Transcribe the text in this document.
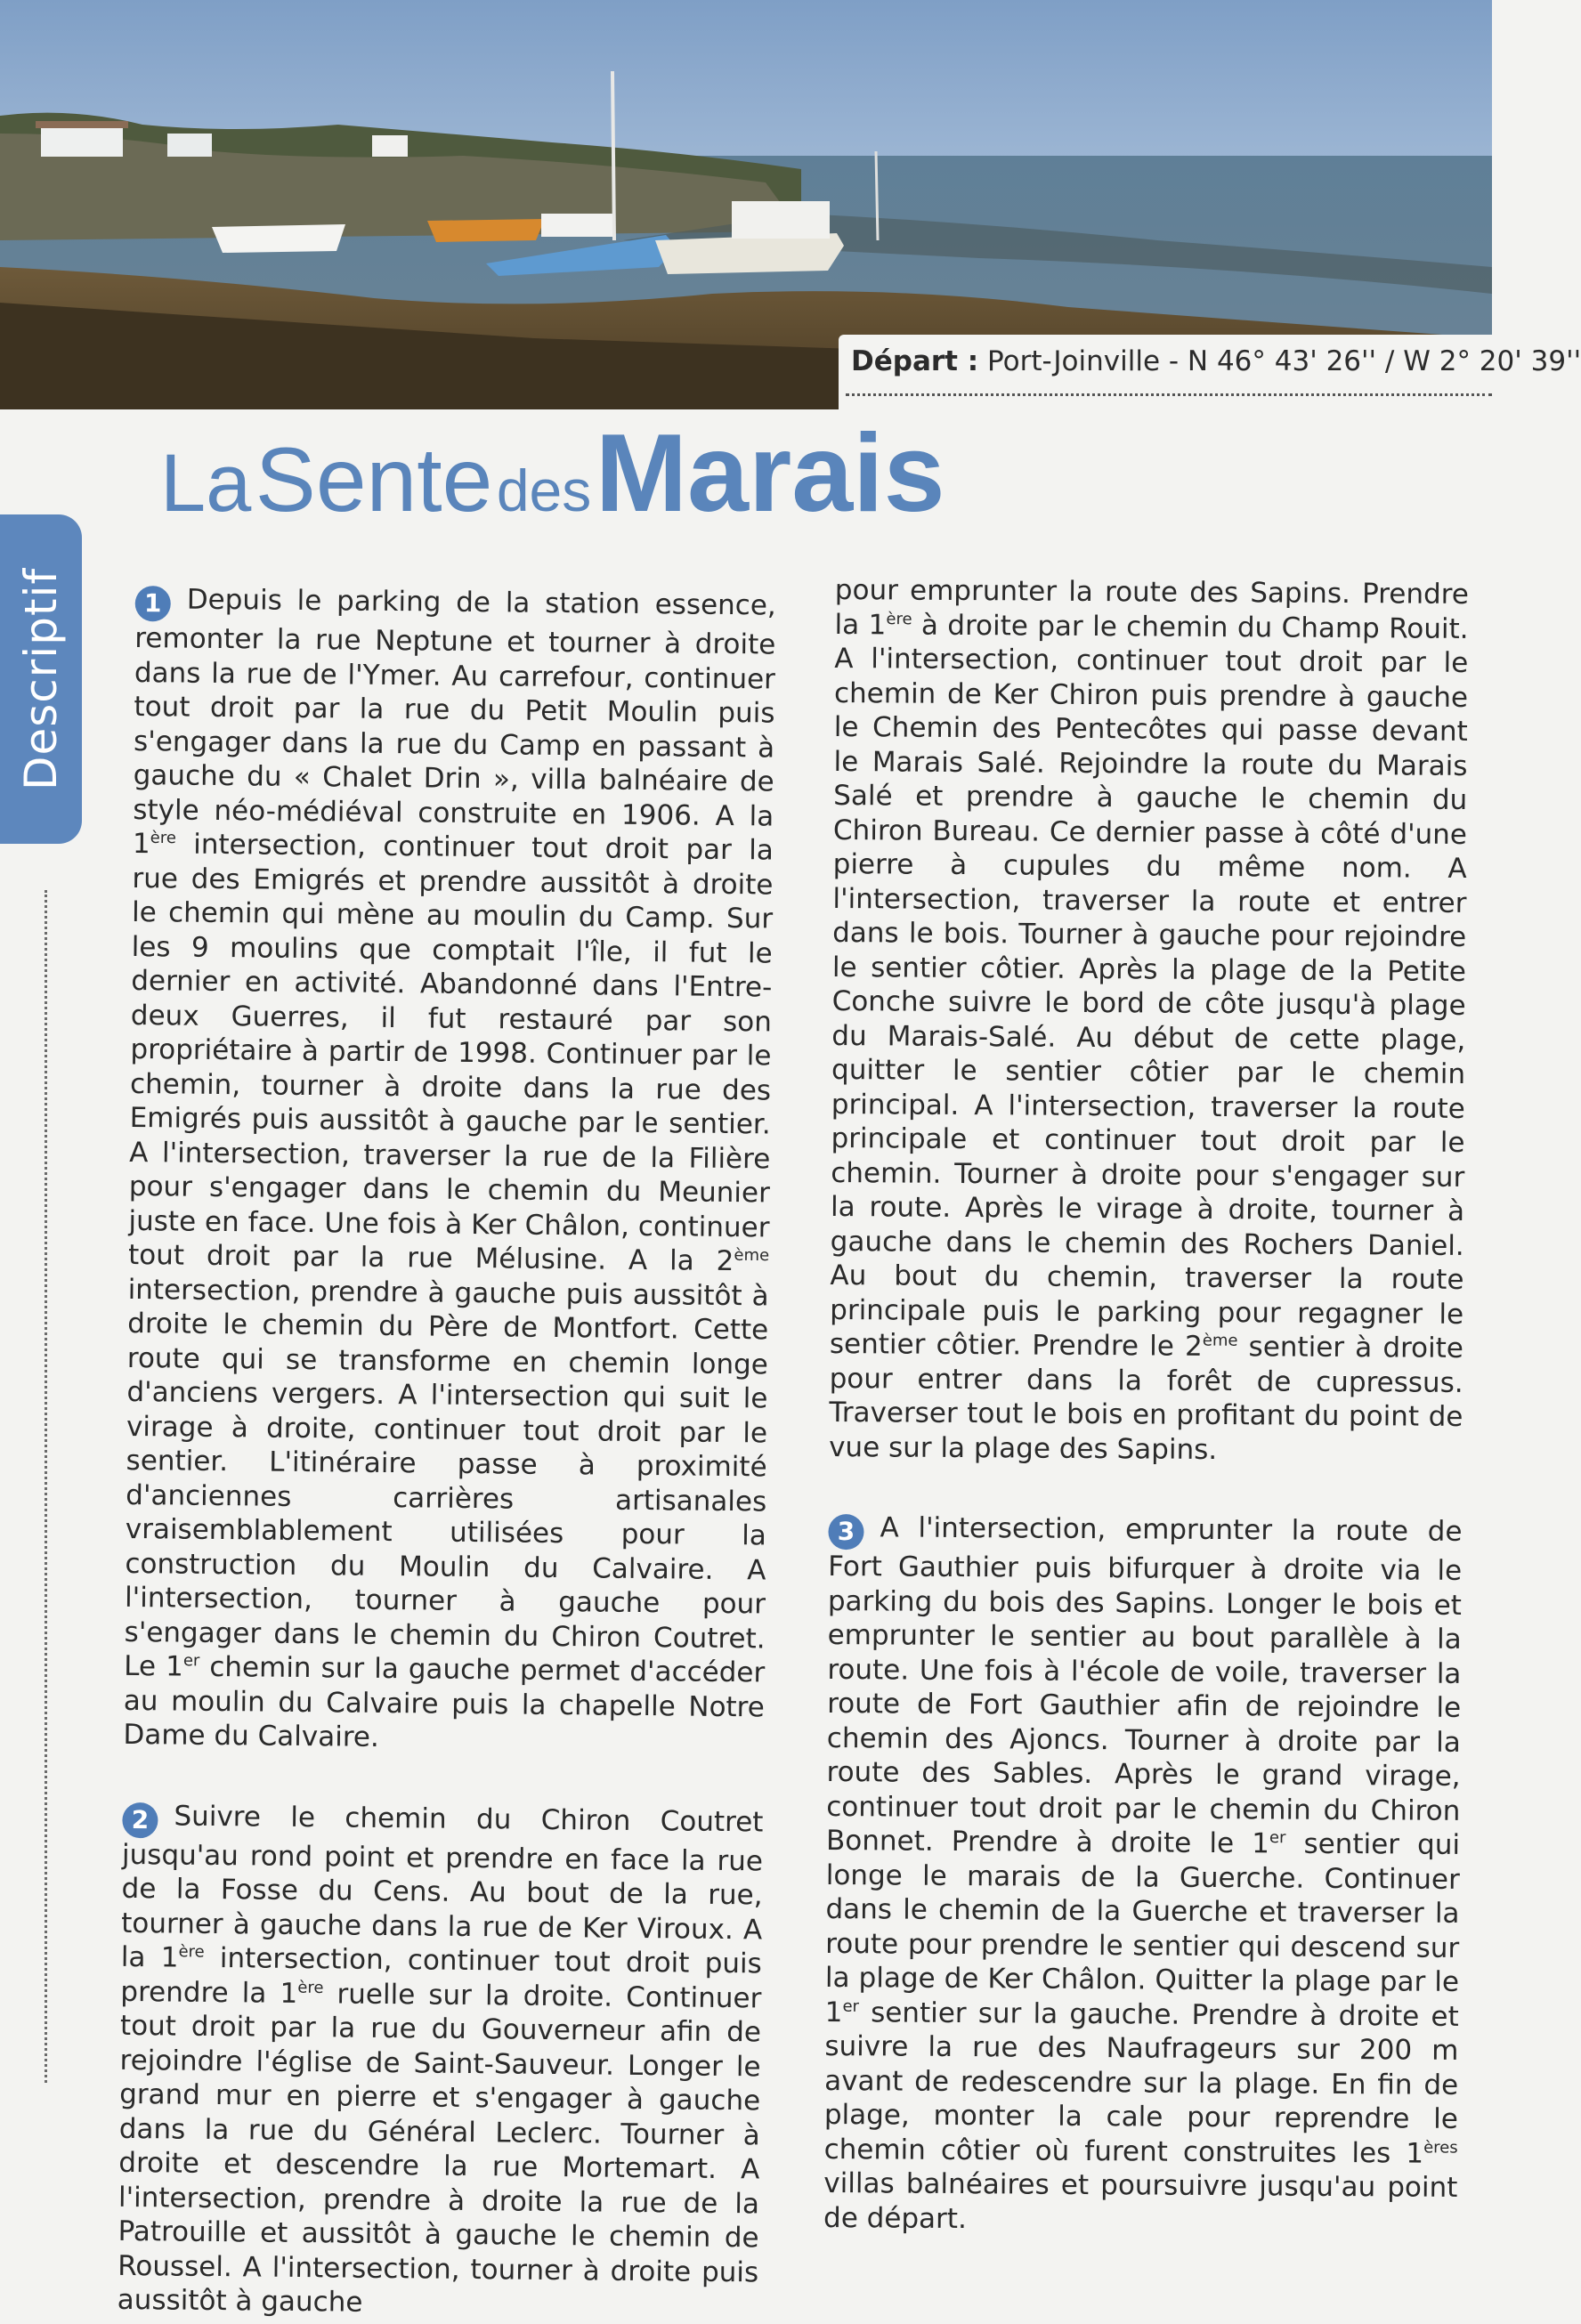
Départ : Port-Joinville - N 46° 43' 26'' / W 2° 20' 39''
Descriptif
La Sente des Marais

1 Depuis le parking de la station essence, remonter la rue Neptune et tourner à droite dans la rue de l'Ymer. Au carrefour, continuer tout droit par la rue du Petit Moulin puis s'engager dans la rue du Camp en passant à gauche du « Chalet Drin », villa balnéaire de style néo-médiéval construite en 1906. A la 1ère intersection, continuer tout droit par la rue des Emigrés et prendre aussitôt à droite le chemin qui mène au moulin du Camp. Sur les 9 moulins que comptait l'île, il fut le dernier en activité. Abandonné dans l'Entre-deux Guerres, il fut restauré par son propriétaire à partir de 1998. Continuer par le chemin, tourner à droite dans la rue des Emigrés puis aussitôt à gauche par le sentier. A l'intersection, traverser la rue de la Filière pour s'engager dans le chemin du Meunier juste en face. Une fois à Ker Châlon, continuer tout droit par la rue Mélusine. A la 2ème intersection, prendre à gauche puis aussitôt à droite le chemin du Père de Montfort. Cette route qui se transforme en chemin longe d'anciens vergers. A l'intersection qui suit le virage à droite, continuer tout droit par le sentier. L'itinéraire passe à proximité d'anciennes carrières artisanales vraisemblablement utilisées pour la construction du Moulin du Calvaire. A l'intersection, tourner à gauche pour s'engager dans le chemin du Chiron Coutret. Le 1er chemin sur la gauche permet d'accéder au moulin du Calvaire puis la chapelle Notre Dame du Calvaire.

2 Suivre le chemin du Chiron Coutret jusqu'au rond point et prendre en face la rue de la Fosse du Cens. Au bout de la rue, tourner à gauche dans la rue de Ker Viroux. A la 1ère intersection, continuer tout droit puis prendre la 1ère ruelle sur la droite. Continuer tout droit par la rue du Gouverneur afin de rejoindre l'église de Saint-Sauveur. Longer le grand mur en pierre et s'engager à gauche dans la rue du Général Leclerc. Tourner à droite et descendre la rue Mortemart. A l'intersection, prendre à droite la rue de la Patrouille et aussitôt à gauche le chemin de Roussel. A l'intersection, tourner à droite puis aussitôt à gauche

pour emprunter la route des Sapins. Prendre la 1ère à droite par le chemin du Champ Rouit. A l'intersection, continuer tout droit par le chemin de Ker Chiron puis prendre à gauche le Chemin des Pentecôtes qui passe devant le Marais Salé. Rejoindre la route du Marais Salé et prendre à gauche le chemin du Chiron Bureau. Ce dernier passe à côté d'une pierre à cupules du même nom. A l'intersection, traverser la route et entrer dans le bois. Tourner à gauche pour rejoindre le sentier côtier. Après la plage de la Petite Conche suivre le bord de côte jusqu'à plage du Marais-Salé. Au début de cette plage, quitter le sentier côtier par le chemin principal. A l'intersection, traverser la route principale et continuer tout droit par le chemin. Tourner à droite pour s'engager sur la route. Après le virage à droite, tourner à gauche dans le chemin des Rochers Daniel. Au bout du chemin, traverser la route principale puis le parking pour regagner le sentier côtier. Prendre le 2ème sentier à droite pour entrer dans la forêt de cupressus. Traverser tout le bois en profitant du point de vue sur la plage des Sapins.

3 A l'intersection, emprunter la route de Fort Gauthier puis bifurquer à droite via le parking du bois des Sapins. Longer le bois et emprunter le sentier au bout parallèle à la route. Une fois à l'école de voile, traverser la route de Fort Gauthier afin de rejoindre le chemin des Ajoncs. Tourner à droite par la route des Sables. Après le grand virage, continuer tout droit par le chemin du Chiron Bonnet. Prendre à droite le 1er sentier qui longe le marais de la Guerche. Continuer dans le chemin de la Guerche et traverser la route pour prendre le sentier qui descend sur la plage de Ker Châlon. Quitter la plage par le 1er sentier sur la gauche. Prendre à droite et suivre la rue des Naufrageurs sur 200 m avant de redescendre sur la plage. En fin de plage, monter la cale pour reprendre le chemin côtier où furent construites les 1ères villas balnéaires et poursuivre jusqu'au point de départ.
